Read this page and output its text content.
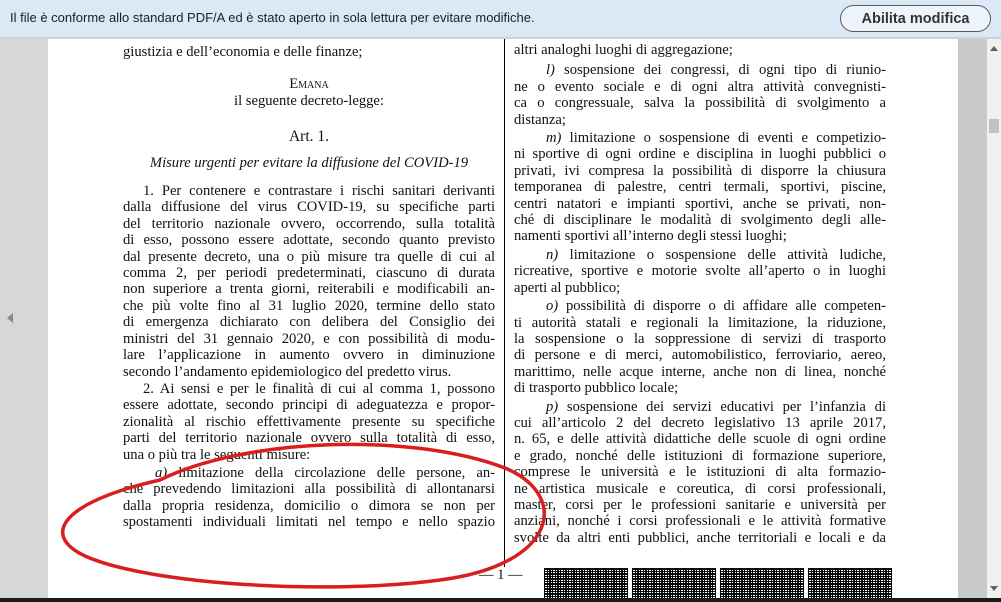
Il file è conforme allo standard PDF/A ed è stato aperto in sola lettura per evitare modifiche.	Abilita modifica

giustizia e dell’economia e delle finanze;

Emana

il seguente decreto-legge:

Art. 1.

Misure urgenti per evitare la diffusione del COVID-19

1. Per contenere e contrastare i rischi sanitari derivanti

dalla diffusione del virus COVID-19, su specifiche parti

del territorio nazionale ovvero, occorrendo, sulla totalità

di esso, possono essere adottate, secondo quanto previsto

dal presente decreto, una o più misure tra quelle di cui al

comma 2, per periodi predeterminati, ciascuno di durata

non superiore a trenta giorni, reiterabili e modificabili an-

che più volte fino al 31 luglio 2020, termine dello stato

di emergenza dichiarato con delibera del Consiglio dei

ministri del 31 gennaio 2020, e con possibilità di modu-

lare l’applicazione in aumento ovvero in diminuzione

secondo l’andamento epidemiologico del predetto virus.

2. Ai sensi e per le finalità di cui al comma 1, possono

essere adottate, secondo principi di adeguatezza e propor-

zionalità al rischio effettivamente presente su specifiche

parti del territorio nazionale ovvero sulla totalità di esso,

una o più tra le seguenti misure:

a) limitazione della circolazione delle persone, an-

che prevedendo limitazioni alla possibilità di allontanarsi

dalla propria residenza, domicilio o dimora se non per

spostamenti individuali limitati nel tempo e nello spazio

altri analoghi luoghi di aggregazione;

l) sospensione dei congressi, di ogni tipo di riunio-

ne o evento sociale e di ogni altra attività convegnisti-

ca o congressuale, salva la possibilità di svolgimento a

distanza;

m) limitazione o sospensione di eventi e competizio-

ni sportive di ogni ordine e disciplina in luoghi pubblici o

privati, ivi compresa la possibilità di disporre la chiusura

temporanea di palestre, centri termali, sportivi, piscine,

centri natatori e impianti sportivi, anche se privati, non-

ché di disciplinare le modalità di svolgimento degli alle-

namenti sportivi all’interno degli stessi luoghi;

n) limitazione o sospensione delle attività ludiche,

ricreative, sportive e motorie svolte all’aperto o in luoghi

aperti al pubblico;

o) possibilità di disporre o di affidare alle competen-

ti autorità statali e regionali la limitazione, la riduzione,

la sospensione o la soppressione di servizi di trasporto

di persone e di merci, automobilistico, ferroviario, aereo,

marittimo, nelle acque interne, anche non di linea, nonché

di trasporto pubblico locale;

p) sospensione dei servizi educativi per l’infanzia di

cui all’articolo 2 del decreto legislativo 13 aprile 2017,

n. 65, e delle attività didattiche delle scuole di ogni ordine

e grado, nonché delle istituzioni di formazione superiore,

comprese le università e le istituzioni di alta formazio-

ne artistica musicale e coreutica, di corsi professionali,

master, corsi per le professioni sanitarie e università per

anziani, nonché i corsi professionali e le attività formative

svolte da altri enti pubblici, anche territoriali e locali e da

— 1 —
